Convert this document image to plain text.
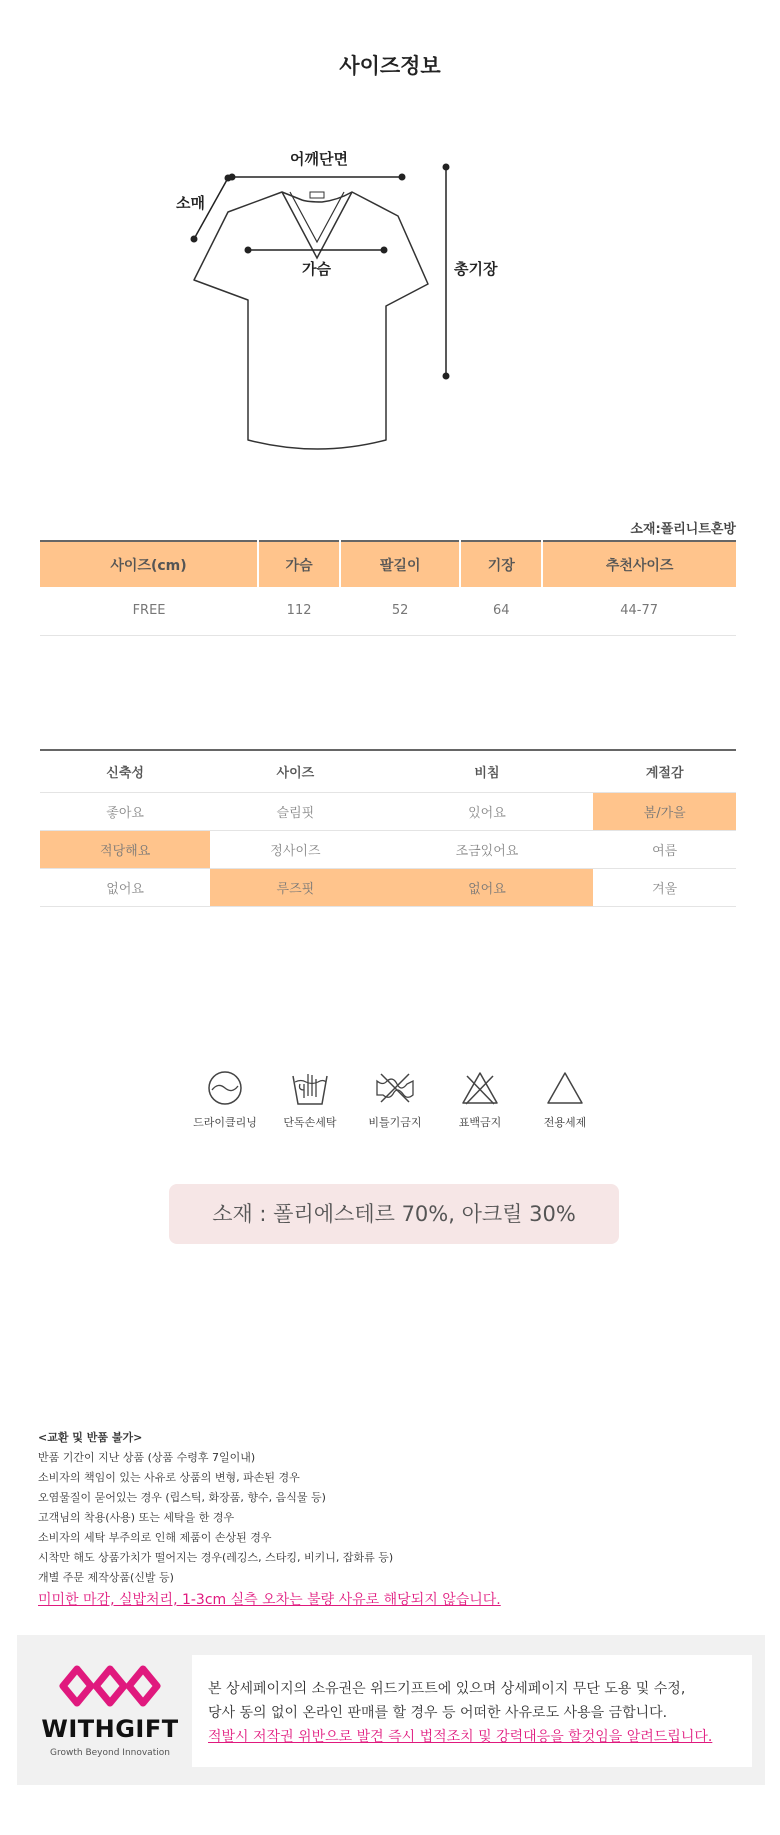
사이즈정보
어깨단면
소매
가슴	총기장
소재:폴리니트혼방
사이즈(cm)	가슴	팔길이	기장	추천사이즈
FREE	112	52	64	44-77
신축성	사이즈	비침	계절감
좋아요	슬림핏	있어요	봄/가을
적당해요	정사이즈	조금있어요	여름
없어요	루즈핏	없어요	겨울
드라이클리닝	단독손세탁	비틀기금지	표백금지	전용세제
소재 : 폴리에스테르 70%, 아크릴 30%
<교환 및 반품 불가>
반품 기간이 지난 상품 (상품 수령후 7일이내)
소비자의 책임이 있는 사유로 상품의 변형, 파손된 경우
오염물질이 묻어있는 경우 (립스틱, 화장품, 향수, 음식물 등)
고객님의 착용(사용) 또는 세탁을 한 경우
소비자의 세탁 부주의로 인해 제품이 손상된 경우
시착만 해도 상품가치가 떨어지는 경우(레깅스, 스타킹, 비키니, 잡화류 등)
개별 주문 제작상품(신발 등)
미미한 마감, 실밥처리, 1-3cm 실측 오차는 불량 사유로 해당되지 않습니다.
WITHGIFT
Growth Beyond Innovation
본 상세페이지의 소유권은 위드기프트에 있으며 상세페이지 무단 도용 및 수정,
당사 동의 없이 온라인 판매를 할 경우 등 어떠한 사유로도 사용을 금합니다.
적발시 저작권 위반으로 발견 즉시 법적조치 및 강력대응을 할것임을 알려드립니다.
